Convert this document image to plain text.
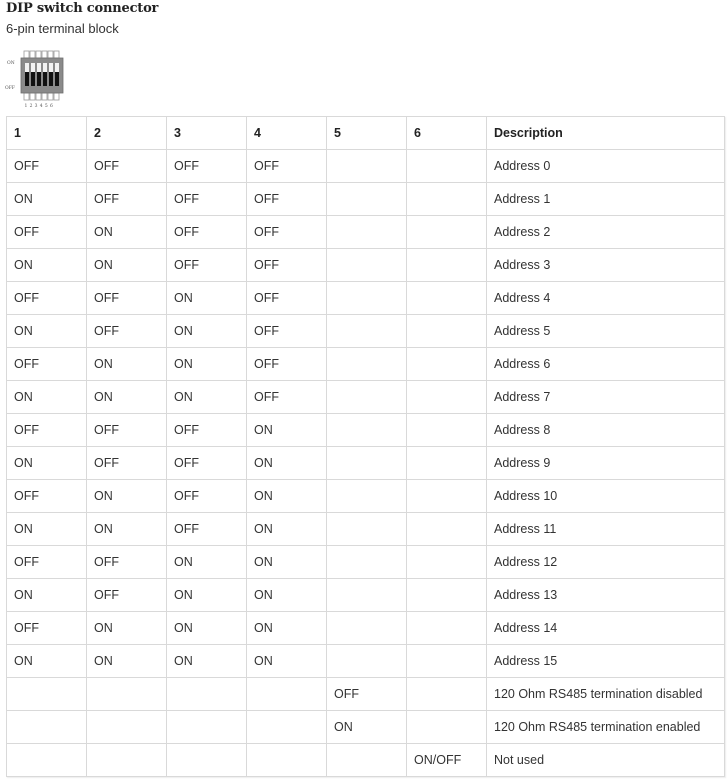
DIP switch connector
6-pin terminal block
ON
OFF
1 2 3 4 5 6
1	2	3	4	5	6	Description
OFF	OFF	OFF	OFF			Address 0
ON	OFF	OFF	OFF			Address 1
OFF	ON	OFF	OFF			Address 2
ON	ON	OFF	OFF			Address 3
OFF	OFF	ON	OFF			Address 4
ON	OFF	ON	OFF			Address 5
OFF	ON	ON	OFF			Address 6
ON	ON	ON	OFF			Address 7
OFF	OFF	OFF	ON			Address 8
ON	OFF	OFF	ON			Address 9
OFF	ON	OFF	ON			Address 10
ON	ON	OFF	ON			Address 11
OFF	OFF	ON	ON			Address 12
ON	OFF	ON	ON			Address 13
OFF	ON	ON	ON			Address 14
ON	ON	ON	ON			Address 15
				OFF		120 Ohm RS485 termination disabled
				ON		120 Ohm RS485 termination enabled
					ON/OFF	Not used
